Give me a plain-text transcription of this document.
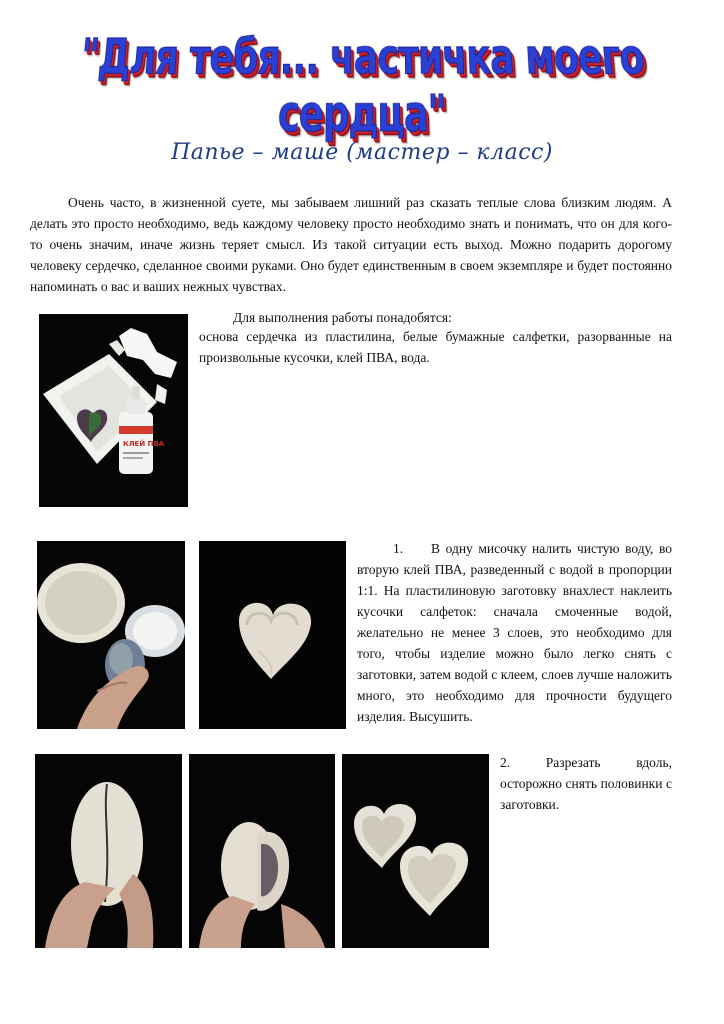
"Для тебя... частичка моего сердца"
Папье – маше (мастер – класс)

Очень часто, в жизненной суете, мы забываем лишний раз сказать теплые слова близким людям. А делать это просто необходимо, ведь каждому человеку просто необходимо знать и понимать, что он для кого-то очень значим, иначе жизнь теряет смысл. Из такой ситуации есть выход. Можно подарить дорогому человеку сердечко, сделанное своими руками. Оно будет единственным в своем экземпляре и будет постоянно напоминать о вас и ваших нежных чувствах.

КЛЕЙ ПВА
Для выполнения работы понадобятся:
основа сердечка из пластилина, белые бумажные салфетки, разорванные на произвольные кусочки, клей ПВА, вода.
1. В одну мисочку налить чистую воду, во вторую клей ПВА, разведенный с водой в пропорции 1:1. На пластилиновую заготовку внахлест наклеить кусочки салфеток: сначала смоченные водой, желательно не менее 3 слоев, это необходимо для того, чтобы изделие можно было легко снять с заготовки, затем водой с клеем, слоев лучше наложить много, это необходимо для прочности будущего изделия. Высушить.
2.	Разрезать вдоль, осторожно снять половинки с заготовки.
